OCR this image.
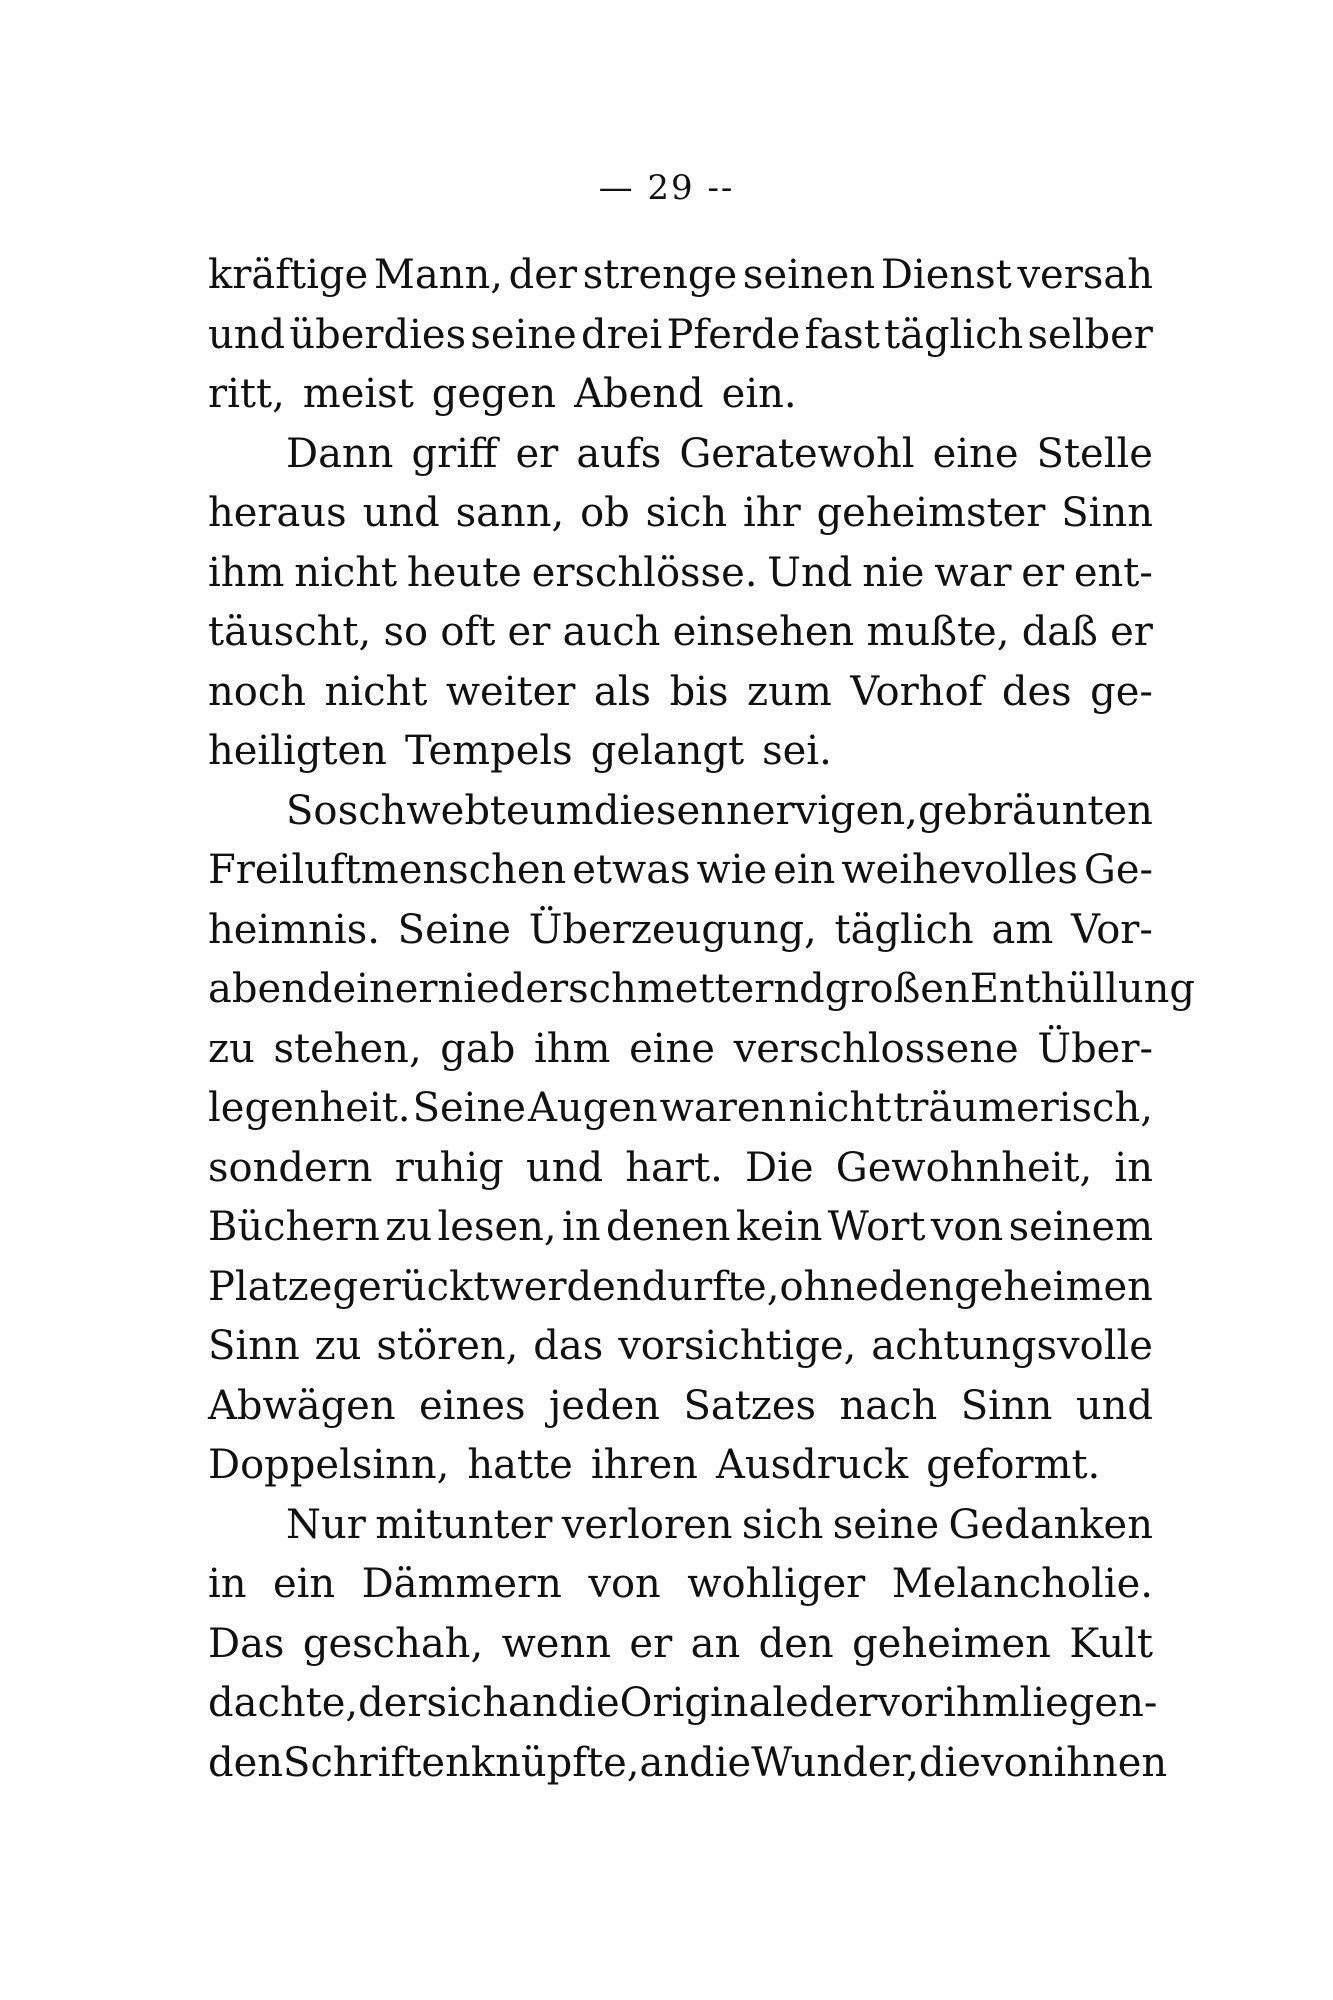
— 29 --
kräftige Mann, der strenge seinen Dienst versah
und überdies seine drei Pferde fast täglich selber
ritt, meist gegen Abend ein.
Dann griff er aufs Geratewohl eine Stelle
heraus und sann, ob sich ihr geheimster Sinn
ihm nicht heute erschlösse. Und nie war er ent-
täuscht, so oft er auch einsehen mußte, daß er
noch nicht weiter als bis zum Vorhof des ge-
heiligten Tempels gelangt sei.
So schwebte um diesen nervigen, gebräunten
Freiluftmenschen etwas wie ein weihevolles Ge-
heimnis. Seine Überzeugung, täglich am Vor-
abend einer niederschmetternd großen Enthüllung
zu stehen, gab ihm eine verschlossene Über-
legenheit. Seine Augen waren nicht träumerisch,
sondern ruhig und hart. Die Gewohnheit, in
Büchern zu lesen, in denen kein Wort von seinem
Platze gerückt werden durfte, ohne den geheimen
Sinn zu stören, das vorsichtige, achtungsvolle
Abwägen eines jeden Satzes nach Sinn und
Doppelsinn, hatte ihren Ausdruck geformt.
Nur mitunter verloren sich seine Gedanken
in ein Dämmern von wohliger Melancholie.
Das geschah, wenn er an den geheimen Kult
dachte, der sich an die Originale der vor ihm liegen-
den Schriften knüpfte, an die Wunder, die von ihnen
